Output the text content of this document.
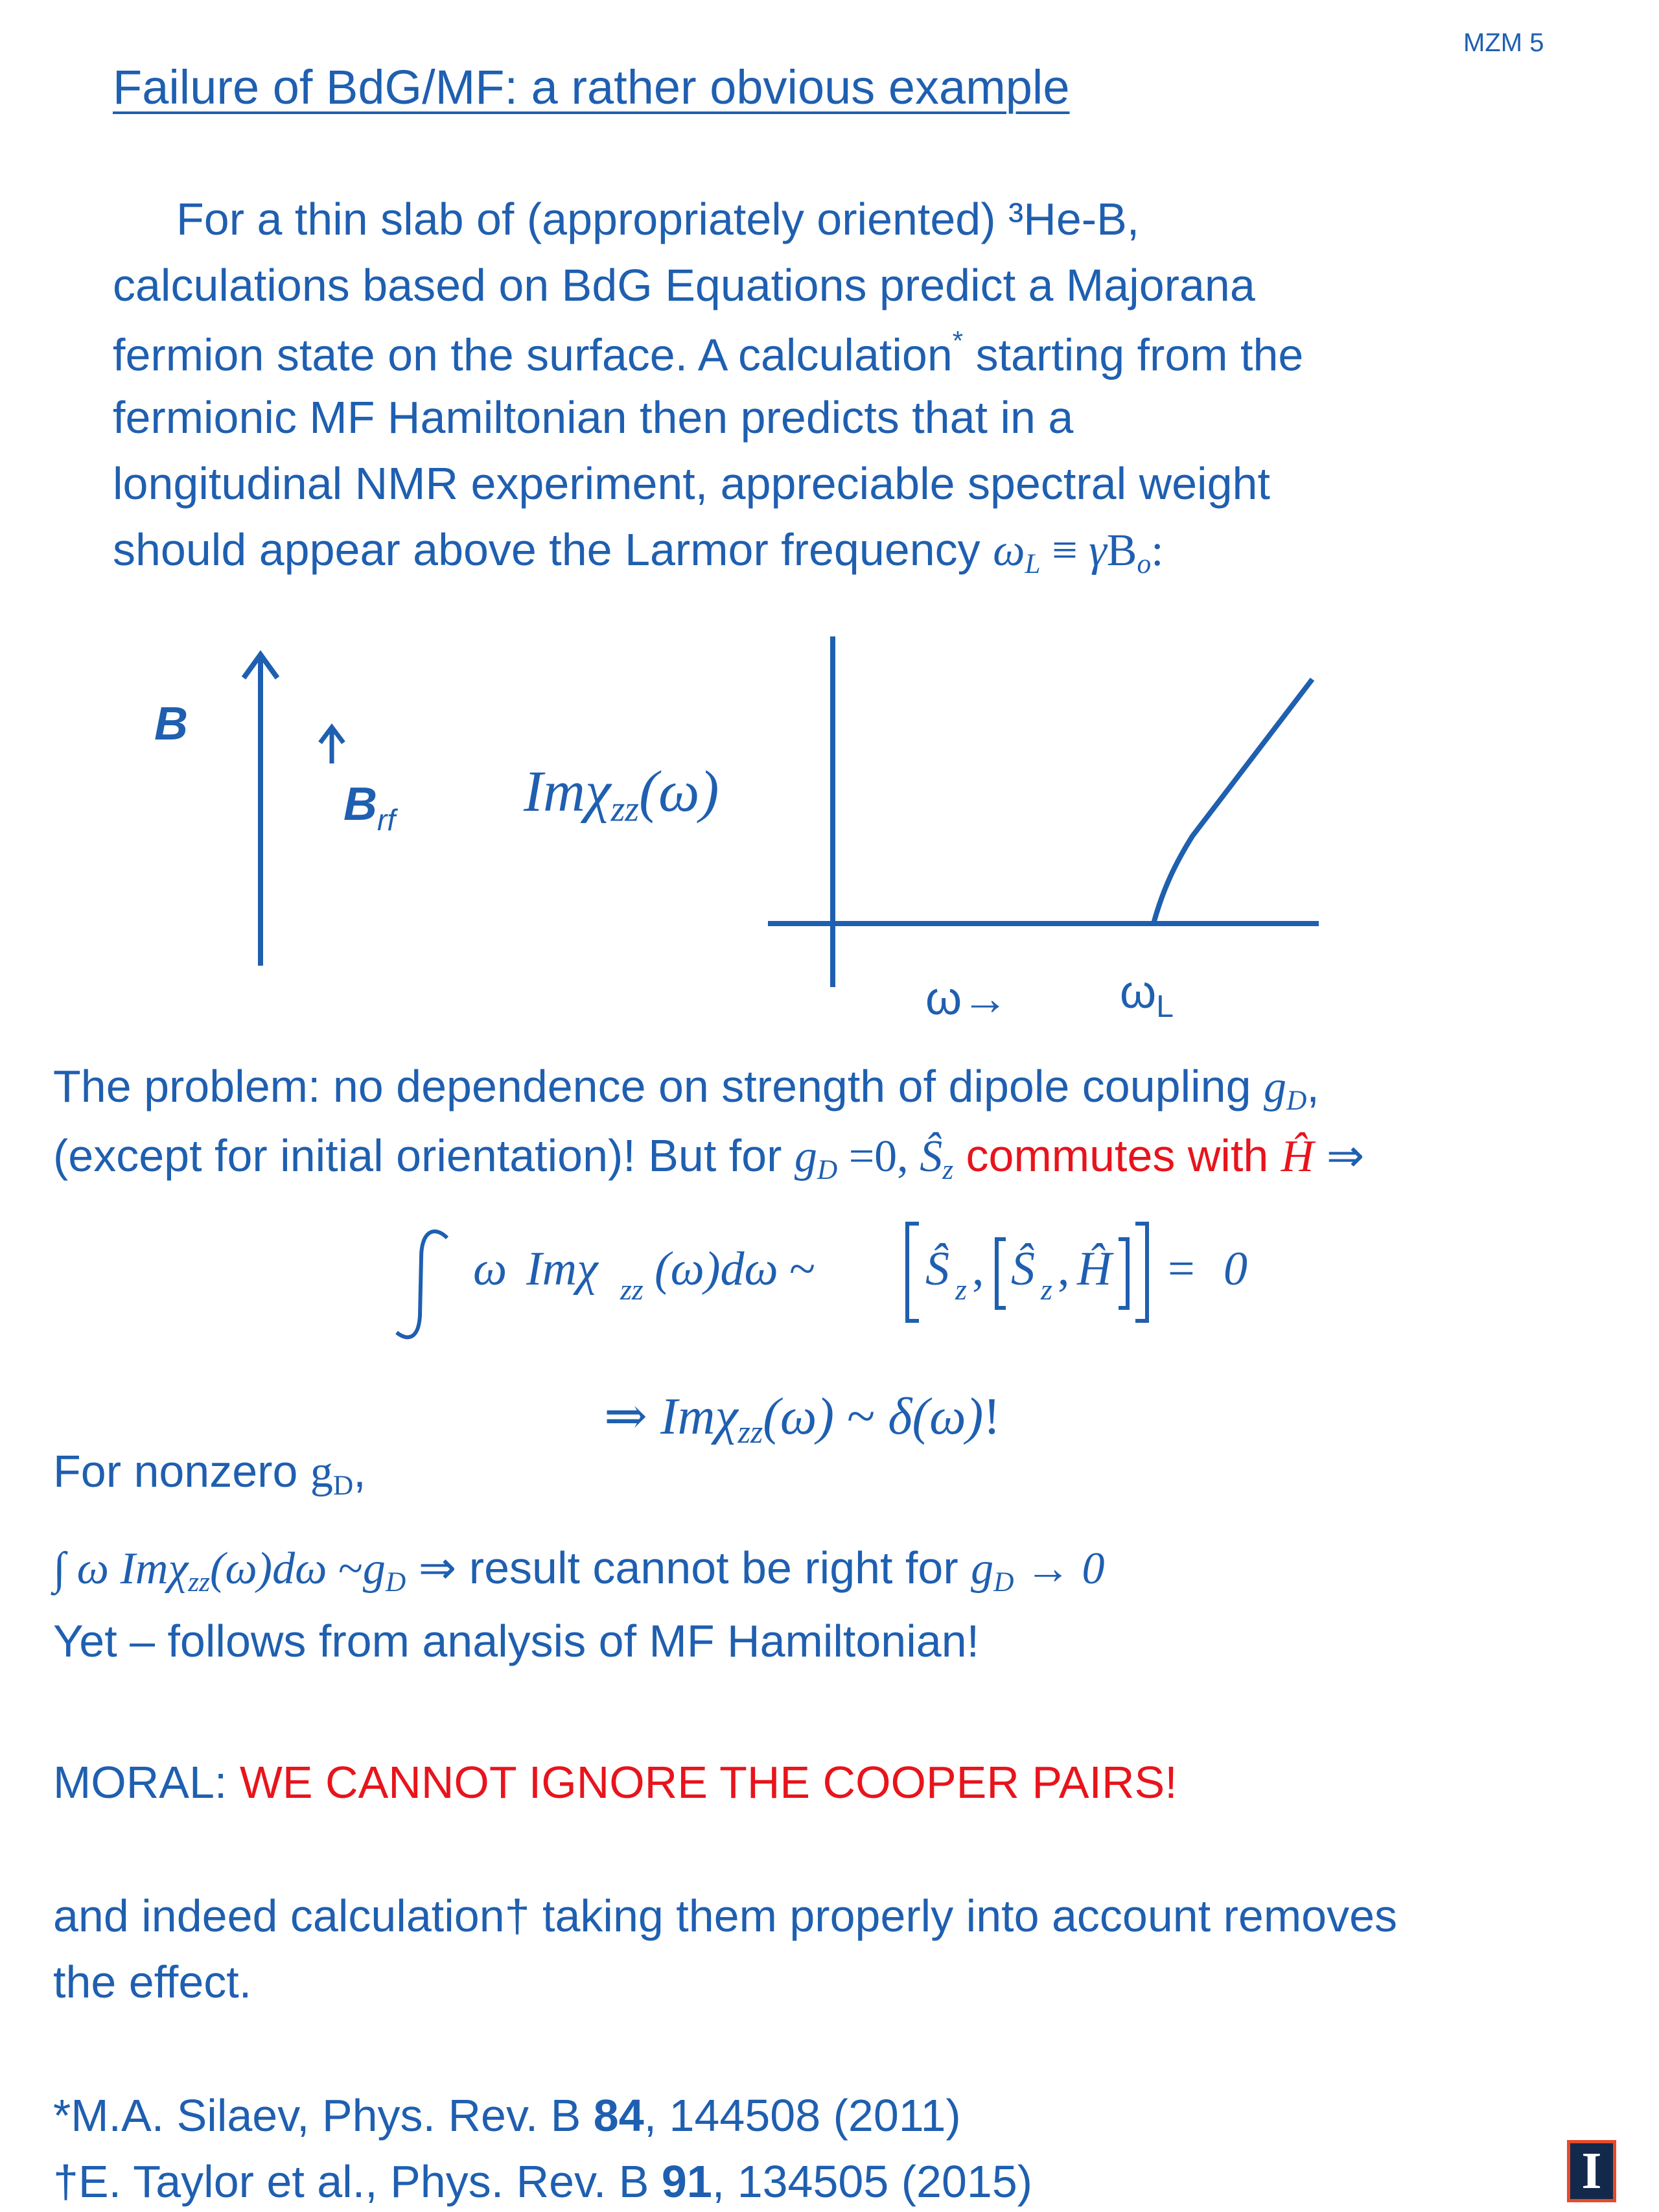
MZM 5
Failure of BdG/MF: a rather obvious example
For a thin slab of (appropriately oriented) ³He-B,
calculations based on BdG Equations predict a Majorana
fermion state on the surface. A calculation* starting from the
fermionic MF Hamiltonian then predicts that in a
longitudinal NMR experiment, appreciable spectral weight
should appear above the Larmor frequency $\omega_L \equiv \gamma B_o$:
B
$B_{rf}$ Imχ$_{zz}$(ω)
ω→ ωL
The problem: no dependence on strength of dipole coupling $g_D$,
(except for initial orientation)! But for $g_D =0$, $Ŝ_z$ commutes with Ĥ ⇒
ω Imχ zz (ω)dω ~ Ŝ z , Ŝ z , Ĥ = 0
⇒ Imχ$_{zz}$(ω) ~ δ(ω)!
For nonzero $g_D$,
∫ ω Imχ$_{zz}$(ω)dω $\sim g_D$ ⇒ result cannot be right for $g_D \to 0$
Yet – follows from analysis of MF Hamiltonian!
MORAL: WE CANNOT IGNORE THE COOPER PAIRS!
and indeed calculation† taking them properly into account removes
the effect.
*M.A. Silaev, Phys. Rev. B 84, 144508 (2011)
†E. Taylor et al., Phys. Rev. B 91, 134505 (2015)	I
